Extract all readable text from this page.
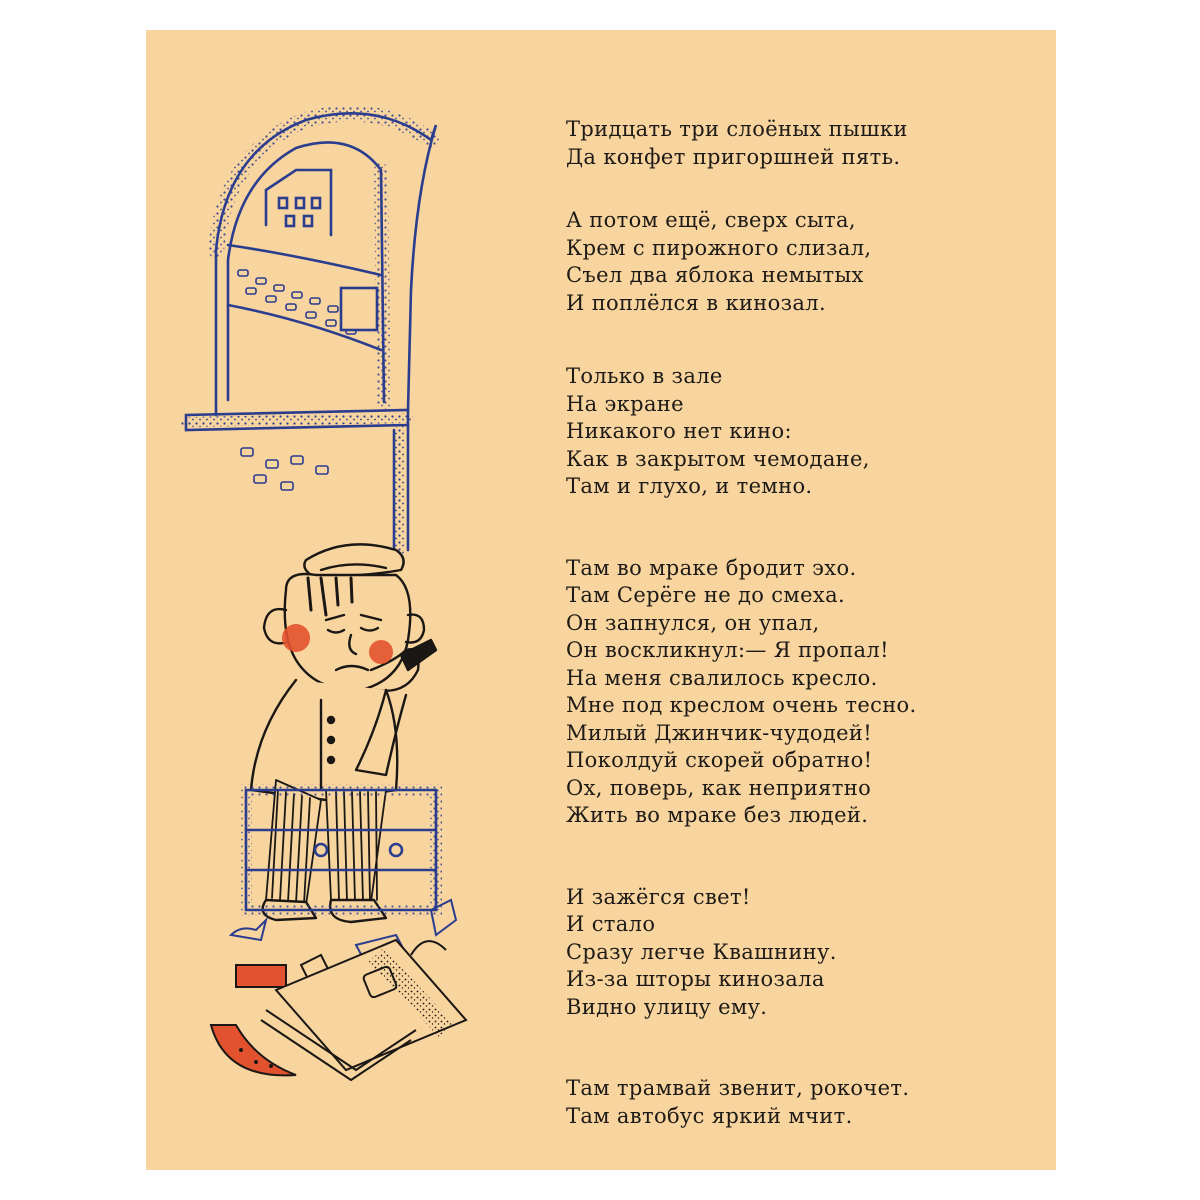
Тридцать три слоёных пышки
Да конфет пригоршней пять.
А потом ещё, сверх сыта,
Крем с пирожного слизал,
Съел два яблока немытых
И поплёлся в кинозал.
Только в зале
На экране
Никакого нет кино:
Как в закрытом чемодане,
Там и глухо, и темно.
Там во мраке бродит эхо.
Там Серёге не до смеха.
Он запнулся, он упал,
Он воскликнул:— Я пропал!
На меня свалилось кресло.
Мне под креслом очень тесно.
Милый Джинчик-чудодей!
Поколдуй скорей обратно!
Ох, поверь, как неприятно
Жить во мраке без людей.
И зажёгся свет!
И стало
Сразу легче Квашнину.
Из-за шторы кинозала
Видно улицу ему.
Там трамвай звенит, рокочет.
Там автобус яркий мчит.
